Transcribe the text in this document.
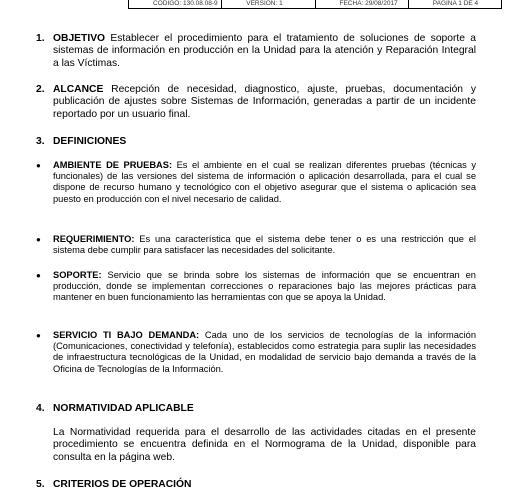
CODIGO: 130.08.08-9	VERSION: 1	FECHA: 29/08/2017	PAGINA 1 DE 4
1. OBJETIVO Establecer el procedimiento para el tratamiento de soluciones de soporte a sistemas de información en producción en la Unidad para la atención y Reparación Integral a las Víctimas.
2. ALCANCE Recepción de necesidad, diagnostico, ajuste, pruebas, documentación y publicación de ajustes sobre Sistemas de Información, generadas a partir de un incidente reportado por un usuario final.
3. DEFINICIONES
● AMBIENTE DE PRUEBAS: Es el ambiente en el cual se realizan diferentes pruebas (técnicas y funcionales) de las versiones del sistema de información o aplicación desarrollada, para el cual se dispone de recurso humano y tecnológico con el objetivo asegurar que el sistema o aplicación sea puesto en producción con el nivel necesario de calidad.
● REQUERIMIENTO: Es una característica que el sistema debe tener o es una restricción que el sistema debe cumplir para satisfacer las necesidades del solicitante.
● SOPORTE: Servicio que se brinda sobre los sistemas de información que se encuentran en producción, donde se implementan correcciones o reparaciones bajo las mejores prácticas para mantener en buen funcionamiento las herramientas con que se apoya la Unidad.
● SERVICIO TI BAJO DEMANDA: Cada uno de los servicios de tecnologías de la información (Comunicaciones, conectividad y telefonía), establecidos como estrategia para suplir las necesidades de infraestructura tecnológicas de la Unidad, en modalidad de servicio bajo demanda a través de la Oficina de Tecnologías de la Información.
4. NORMATIVIDAD APLICABLE
La Normatividad requerida para el desarrollo de las actividades citadas en el presente procedimiento se encuentra definida en el Normograma de la Unidad, disponible para consulta en la página web.
5. CRITERIOS DE OPERACIÓN
